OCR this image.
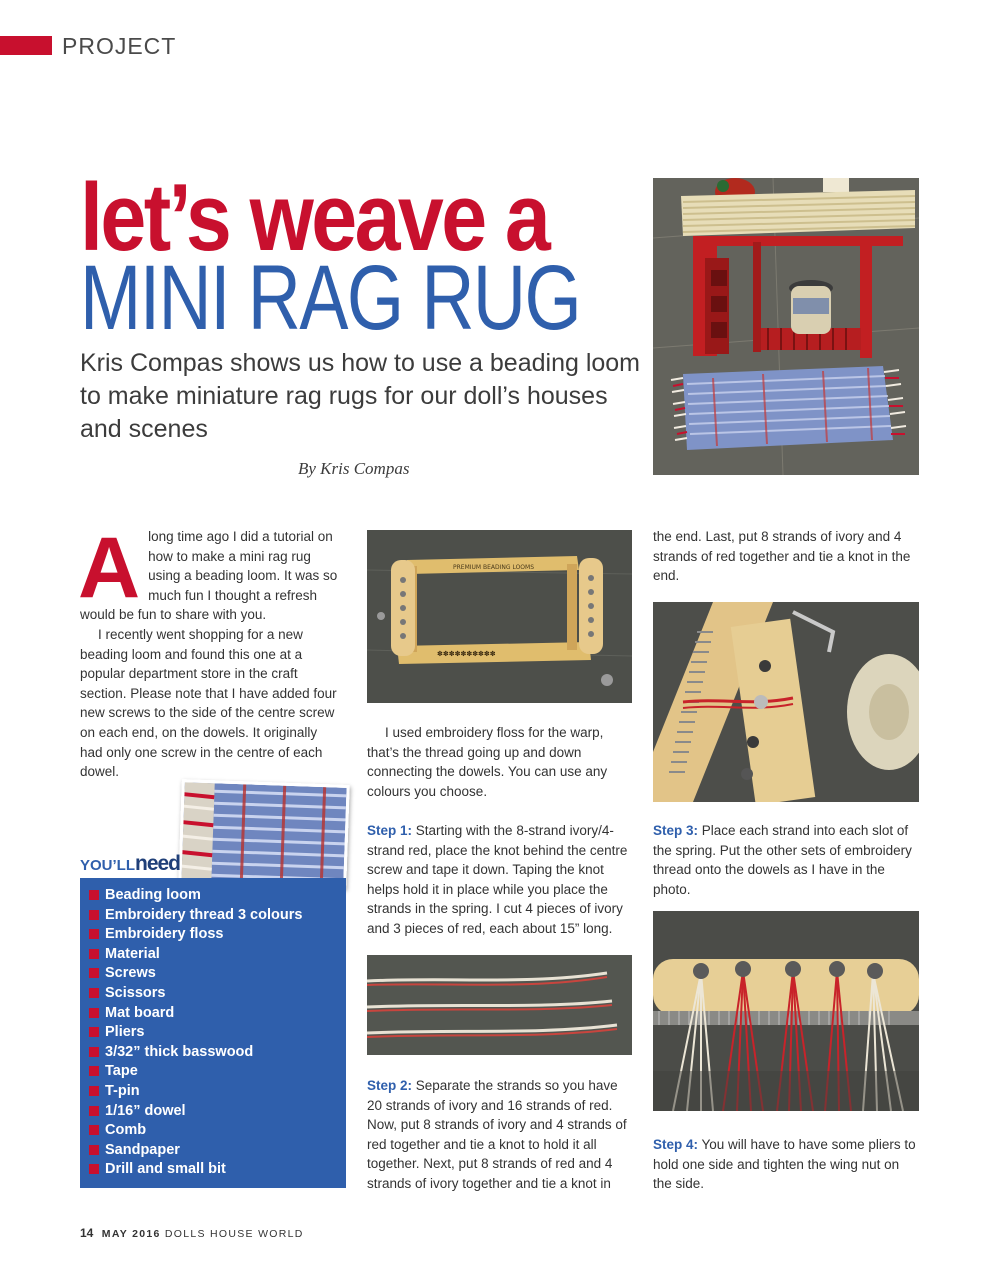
PROJECT
let’s weave a
MINI RAG RUG
Kris Compas shows us how to use a beading loom to make miniature rag rugs for our doll’s houses and scenes
By Kris Compas
A long time ago I did a tutorial on how to make a mini rag rug using a beading loom. It was so much fun I thought a refresh would be fun to share with you.

I recently went shopping for a new beading loom and found this one at a popular department store in the craft section. Please note that I have added four new screws to the side of the centre screw on each end, on the dowels. It originally had only one screw in the centre of each dowel.

YOU’LLneed
Beading loom
Embroidery thread 3 colours
Embroidery floss
Material
Screws
Scissors
Mat board
Pliers
3/32” thick basswood
Tape
T-pin
1/16” dowel
Comb
Sandpaper
Drill and small bit
PREMIUM BEADING LOOMS
✽✽✽✽✽✽✽✽✽✽

I used embroidery floss for the warp, that’s the thread going up and down connecting the dowels. You can use any colours you choose.

Step 1: Starting with the 8-strand ivory/4-strand red, place the knot behind the centre screw and tape it down. Taping the knot helps hold it in place while you place the strands in the spring. I cut 4 pieces of ivory and 3 pieces of red, each about 15” long.

Step 2: Separate the strands so you have 20 strands of ivory and 16 strands of red. Now, put 8 strands of ivory and 4 strands of red together and tie a knot to hold it all together. Next, put 8 strands of red and 4 strands of ivory together and tie a knot in

the end. Last, put 8 strands of ivory and 4 strands of red together and tie a knot in the end.

Step 3: Place each strand into each slot of the spring. Put the other sets of embroidery thread onto the dowels as I have in the photo.

Step 4: You will have to have some pliers to hold one side and tighten the wing nut on the side.

14 MAY 2016 DOLLS HOUSE WORLD
